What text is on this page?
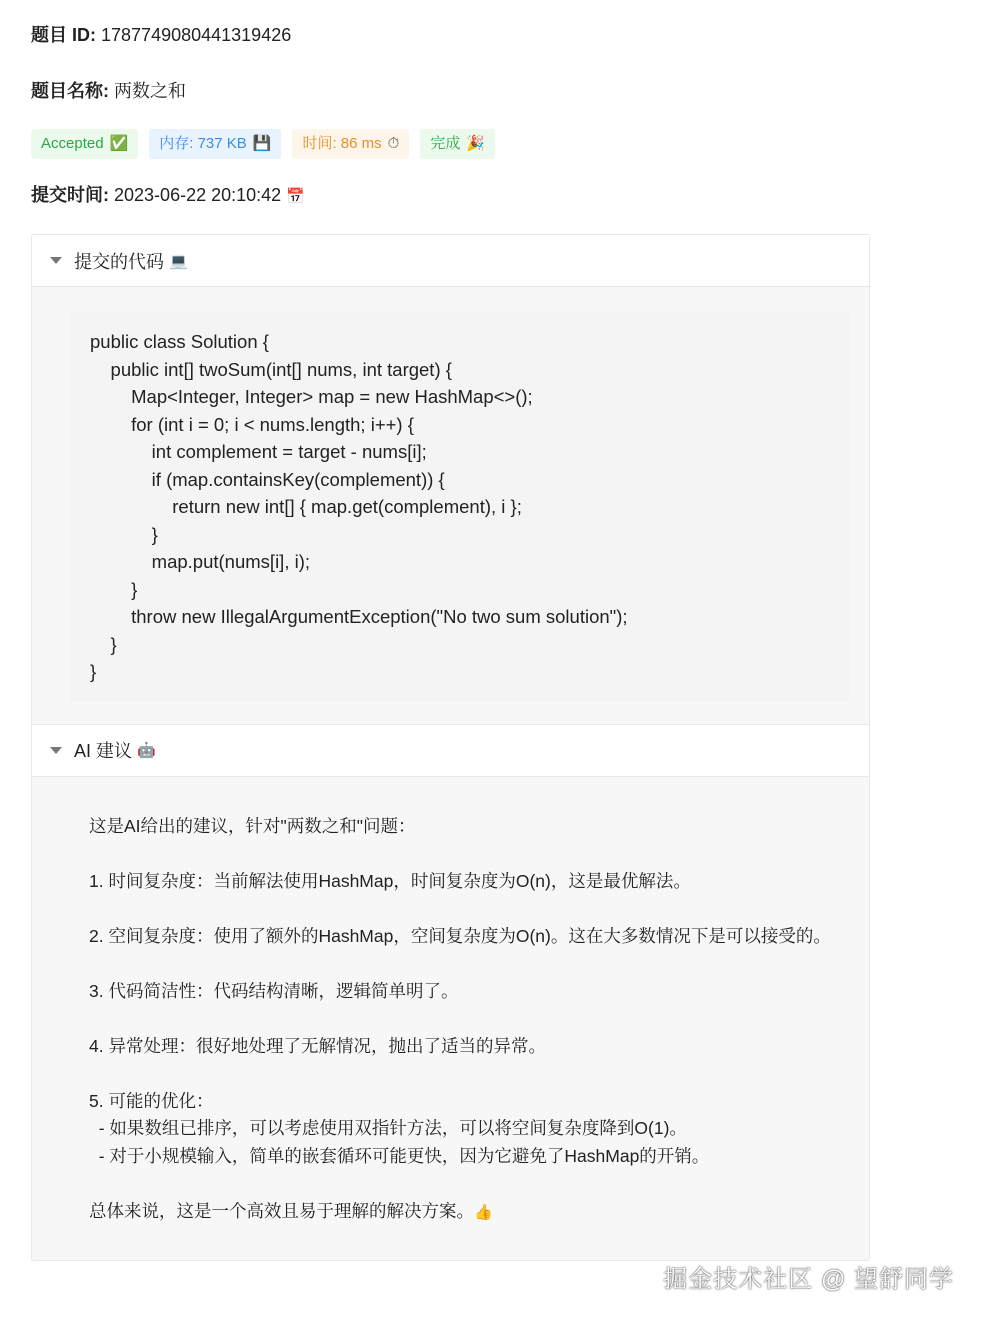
题目 ID: 1787749080441319426
题目名称: 两数之和
Accepted ✅ 内存: 737 KB 💾 时间: 86 ms ⏱ 完成 🎉
提交时间: 2023-06-22 20:10:42 📅
提交的代码
💻
public class Solution {
public int[] twoSum(int[] nums, int target) {
Map<Integer, Integer> map = new HashMap<>();
for (int i = 0; i < nums.length; i++) {
int complement = target - nums[i];
if (map.containsKey(complement)) {
return new int[] { map.get(complement), i };
}
map.put(nums[i], i);
}
throw new IllegalArgumentException("No two sum solution");
}
}
AI 建议
🤖

这是AI给出的建议，针对"两数之和"问题：

1. 时间复杂度：当前解法使用HashMap，时间复杂度为O(n)，这是最优解法。

2. 空间复杂度：使用了额外的HashMap，空间复杂度为O(n)。这在大多数情况下是可以接受的。

3. 代码简洁性：代码结构清晰，逻辑简单明了。

4. 异常处理：很好地处理了无解情况，抛出了适当的异常。

5. 可能的优化：

- 如果数组已排序，可以考虑使用双指针方法，可以将空间复杂度降到O(1)。

- 对于小规模输入，简单的嵌套循环可能更快，因为它避免了HashMap的开销。

总体来说，这是一个高效且易于理解的解决方案。👍

掘金技术社区 @ 望舒同学
